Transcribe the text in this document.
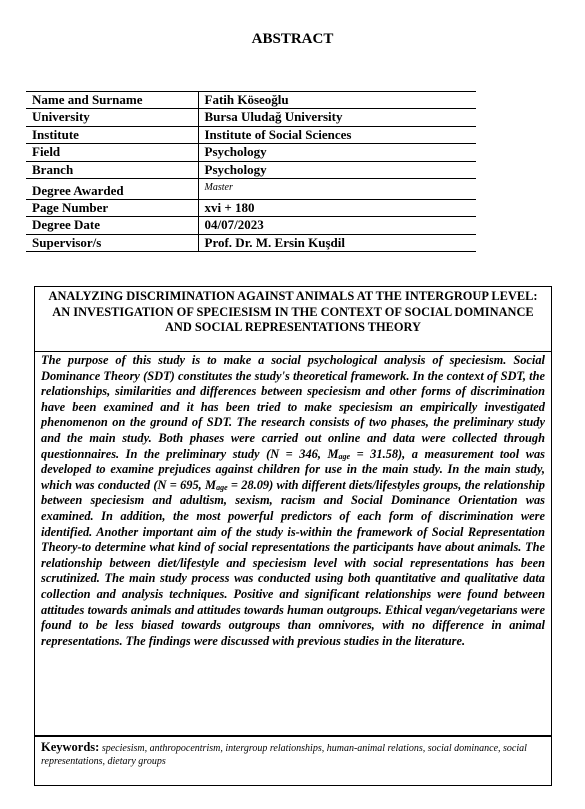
ABSTRACT
Name and Surname	Fatih Köseoğlu
University	Bursa Uludağ University
Institute	Institute of Social Sciences
Field	Psychology
Branch	Psychology
Degree Awarded	Master
Page Number	xvi + 180
Degree Date	04/07/2023
Supervisor/s	Prof. Dr. M. Ersin Kuşdil
ANALYZING DISCRIMINATION AGAINST ANIMALS AT THE INTERGROUP LEVEL: AN INVESTIGATION OF SPECIESISM IN THE CONTEXT OF SOCIAL DOMINANCE AND SOCIAL REPRESENTATIONS THEORY
The purpose of this study is to make a social psychological analysis of speciesism. Social Dominance Theory (SDT) constitutes the study's theoretical framework. In the context of SDT, the relationships, similarities and differences between speciesism and other forms of discrimination have been examined and it has been tried to make speciesism an empirically investigated phenomenon on the ground of SDT. The research consists of two phases, the preliminary study and the main study. Both phases were carried out online and data were collected through questionnaires. In the preliminary study (N = 346, $M_{age} = 31.58$), a measurement tool was developed to examine prejudices against children for use in the main study. In the main study, which was conducted (N = 695, $M_{age} = 28.09$) with different diets/lifestyles groups, the relationship between speciesism and adultism, sexism, racism and Social Dominance Orientation was examined. In addition, the most powerful predictors of each form of discrimination were identified. Another important aim of the study is-within the framework of Social Representation Theory-to determine what kind of social representations the participants have about animals. The relationship between diet/lifestyle and speciesism level with social representations has been scrutinized. The main study process was conducted using both quantitative and qualitative data collection and analysis techniques. Positive and significant relationships were found between attitudes towards animals and attitudes towards human outgroups. Ethical vegan/vegetarians were found to be less biased towards outgroups than omnivores, with no difference in animal representations. The findings were discussed with previous studies in the literature.
Keywords: speciesism, anthropocentrism, intergroup relationships, human-animal relations, social dominance, social representations, dietary groups
